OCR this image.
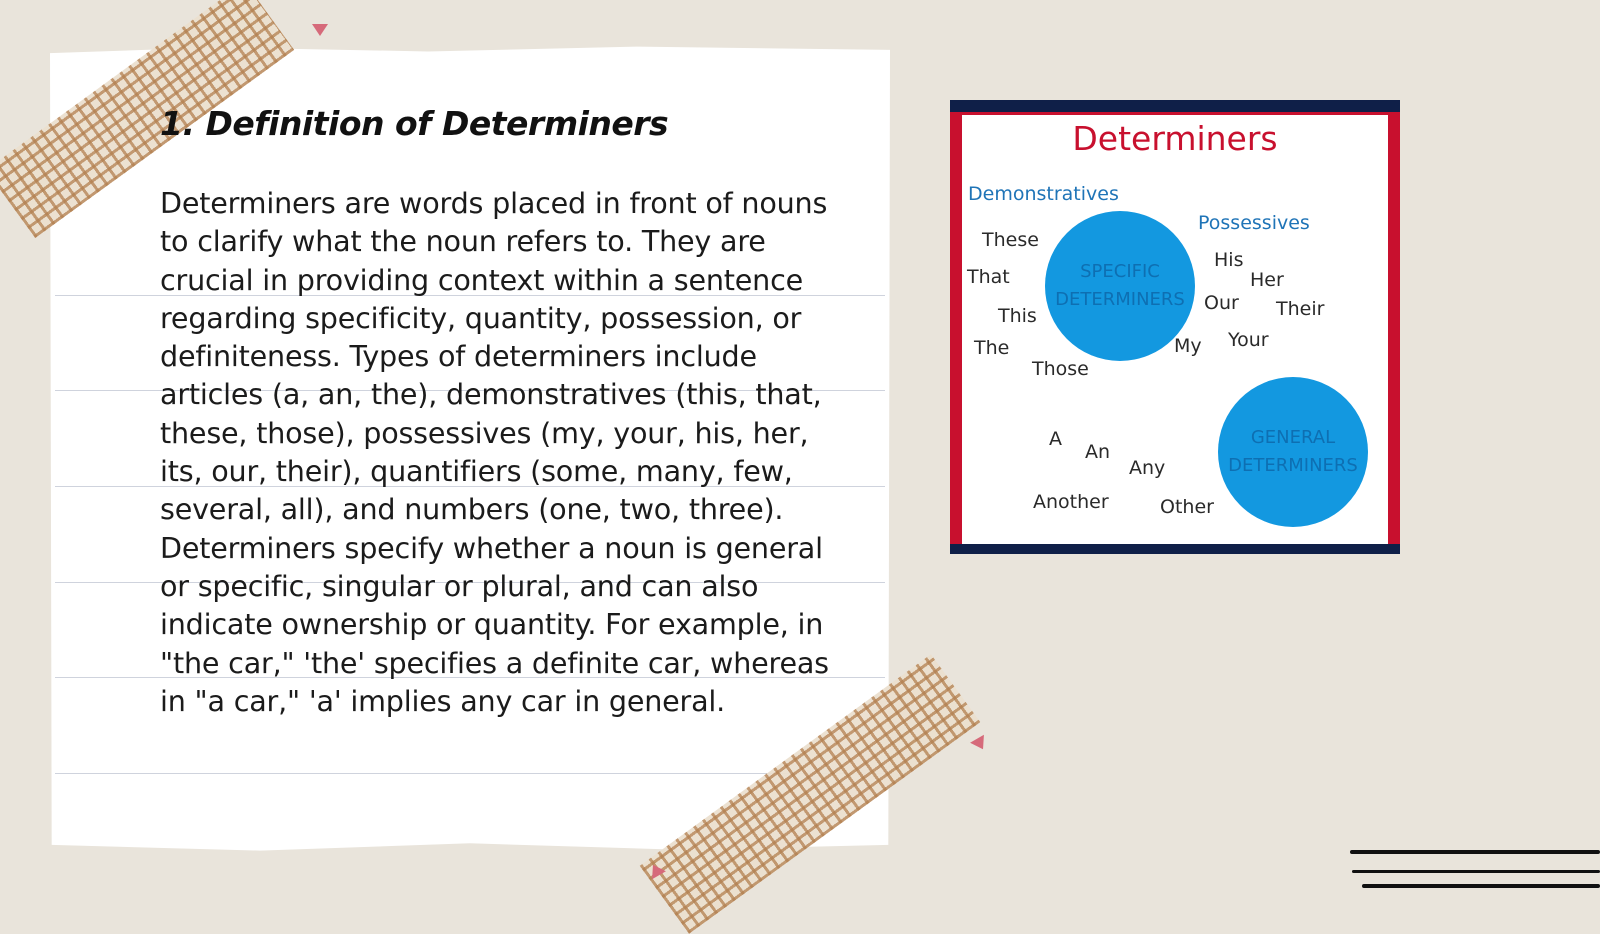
1. Definition of Determiners

Determiners are words placed in front of nouns to clarify what the noun refers to. They are crucial in providing context within a sentence regarding specificity, quantity, possession, or definiteness. Types of determiners include articles (a, an, the), demonstratives (this, that, these, those), possessives (my, your, his, her, its, our, their), quantifiers (some, many, few, several, all), and numbers (one, two, three). Determiners specify whether a noun is general or specific, singular or plural, and can also indicate ownership or quantity. For example, in "the car," 'the' specifies a definite car, whereas in "a car," 'a' implies any car in general.

Determiners
Demonstratives
Possessives
SPECIFIC
DETERMINERS
GENERAL
DETERMINERS
These
That
This
The
Those
His
Her
Our Their
My Your
A
An
Any
Another	Other
